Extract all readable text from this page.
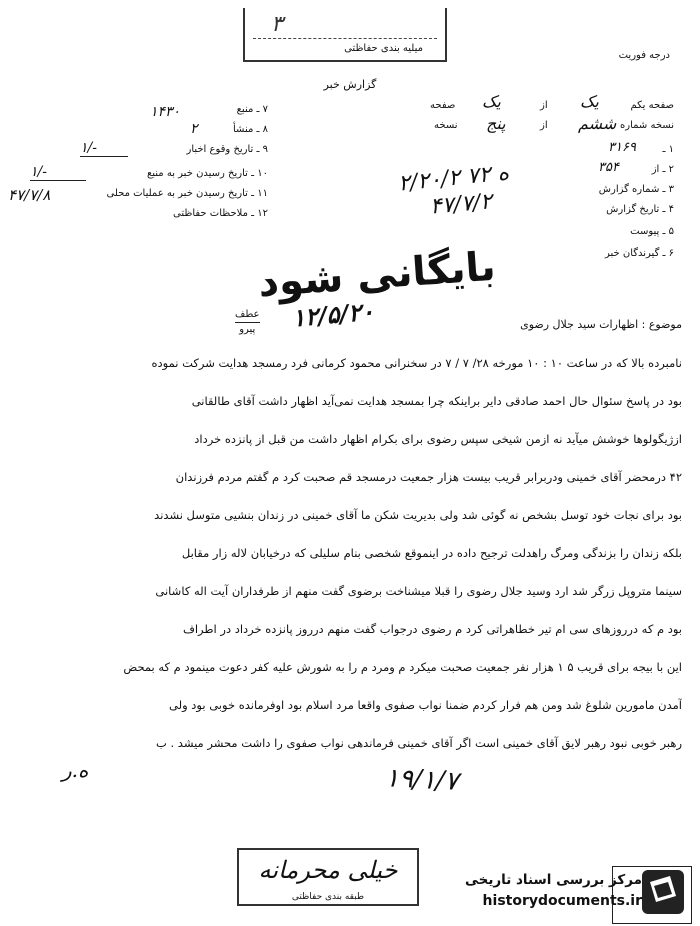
۳
میلیه بندی حفاظتی
درجه فوریت
گزارش خبر
۷ ـ منبع
۱۴۳۰
۸ ـ منشأ
۲
۹ ـ تاریخ وقوع اخبار
۱/-
۱۰ ـ تاریخ رسیدن خبر به منبع
۱/-
۱۱ ـ تاریخ رسیدن خبر به عملیات محلی
۴۷/۷/۸
۱۲ ـ ملاحظات حفاظتی
صفحه یکم
یک
از
یک
صفحه
نسخه شماره
ششم
از
پنج
نسخه
۱ ـ
۳۱۶۹
۲ ـ از
۳۵۴
۳ ـ شماره گزارش
۲/۲۰/۲ ه ۷۲
۴ ـ تاریخ گزارش
۴۷/۷/۲
۵ ـ پیوست
۶ ـ گیرندگان خبر
بایگانی شود
۱۲/۵/۲۰
عطف
پیرو	موضوع : اظهارات سید جلال رضوی
نامبرده بالا که در ساعت ۱۰ : ۱۰ مورخه ۲۸/ ۷ / ۷ در سخنرانی محمود کرمانی فرد رمسجد هدایت شرکت نموده
بود در پاسخ سئوال حال احمد صادقی دایر براینکه چرا بمسجد هدایت نمی‌آید اظهار داشت آقای طالقانی
ازژیگولوها خوشش میآید نه ازمن شیخی سپس رضوی برای بکرام اظهار داشت من قبل از پانزده خرداد
۴۲ درمحضر آقای خمینی ودربرابر قریب بیست هزار جمعیت درمسجد قم صحبت کرد م گفتم مردم فرزندان
بود برای نجات خود توسل بشخص نه گوئی شد ولی بدیریت شکن ما آقای خمینی در زندان بنشیی متوسل نشدند
بلکه زندان را بزندگی ومرگ راهدلت ترجیح داده در اینموقع شخصی بنام سلیلی که درخیابان لاله زار مقابل
سینما متروپل زرگر شد ارد وسید جلال رضوی را قبلا میشناخت برضوی گفت منهم از طرفداران آیت اله کاشانی
بود م که درروزهای سی ام تیر خطاهراتی کرد م رضوی درجواب گفت منهم درروز پانزده خرداد در اطراف
این با بیجه برای قریب ۵ ۱ هزار نفر جمعیت صحبت میکرد م ومرد م را به شورش علیه کفر دعوت مینمود م که بمحض
آمدن مامورین شلوغ شد ومن هم فرار کردم ضمنا نواب صفوی واقعا مرد اسلام بود اوفرمانده خوبی بود ولی
رهبر خوبی نبود رهبر لایق آقای خمینی است اگر آقای خمینی فرماندهی نواب صفوی را داشت محشر میشد . ب
ه.ر	۱۹/۱/۷
خیلی محرمانه
طبقه بندی حفاظتی
مرکز بررسی اسناد تاریخی
historydocuments.ir
